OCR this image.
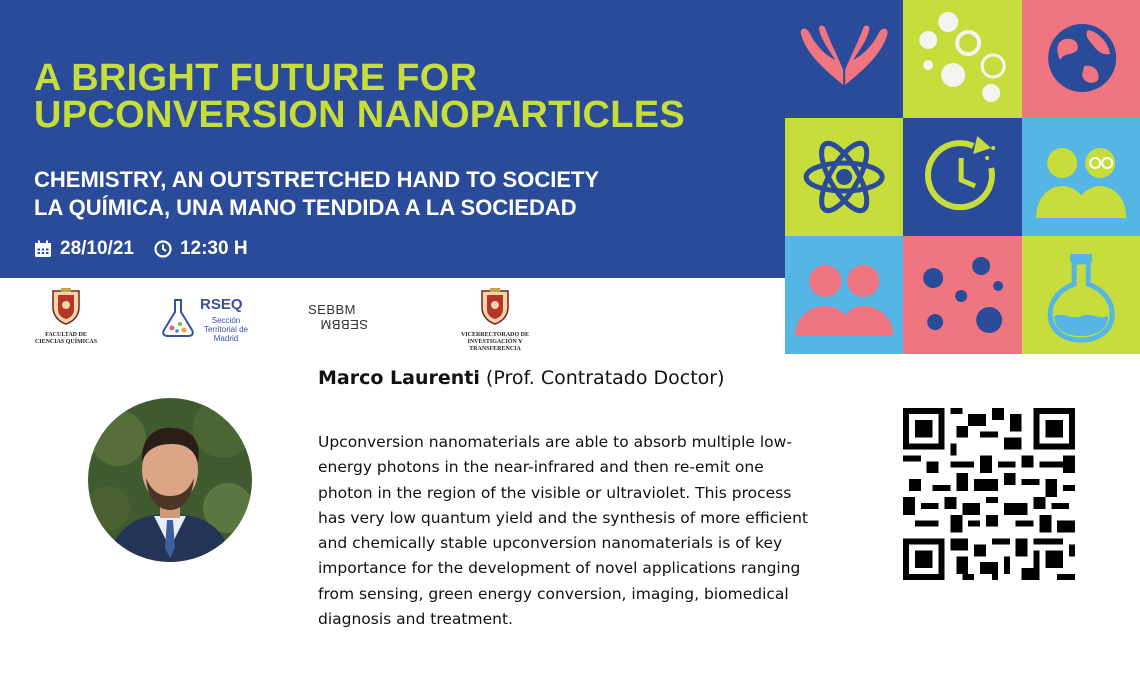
A BRIGHT FUTURE FOR
UPCONVERSION NANOPARTICLES
CHEMISTRY, AN OUTSTRETCHED HAND TO SOCIETY
LA QUÍMICA, UNA MANO TENDIDA A LA SOCIEDAD
28/10/21 12:30 H
FACULTAD DE CIENCIAS QUÍMICAS
RSEQ
Sección Territorial de Madrid
SEBBM
SEBBM
VICERRECTORADO DE INVESTIGACIÓN Y TRANSFERENCIA
Marco Laurenti (Prof. Contratado Doctor)
Upconversion nanomaterials are able to absorb multiple low-energy photons in the near-infrared and then re-emit one photon in the region of the visible or ultraviolet. This process has very low quantum yield and the synthesis of more efficient and chemically stable upconversion nanomaterials is of key importance for the development of novel applications ranging from sensing, green energy conversion, imaging, biomedical diagnosis and treatment.
